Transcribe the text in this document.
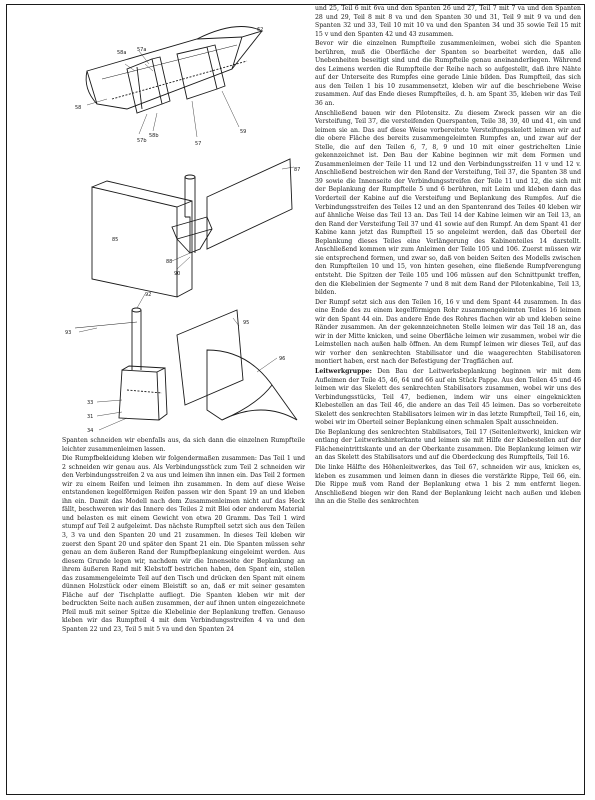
62
58a 57a
58
57b
58b
57
59
87
85
88
90
92
93
95
96
33
31
34

Spanten schneiden wir ebenfalls aus, da sich dann die einzelnen Rumpfteile leichter zusammenleimen lassen.

Die Rumpfbekleidung kleben wir folgendermaßen zusammen: Das Teil 1 und 2 schneiden wir genau aus. Als Verbindungsstück zum Teil 2 schneiden wir den Verbindungsstreifen 2 va aus und leimen ihn innen ein. Das Teil 2 formen wir zu einem Reifen und leimen ihn zusammen. In dem auf diese Weise entstandenen kegelförmigen Reifen passen wir den Spant 19 an und kleben ihn ein. Damit das Modell nach dem Zusammenleimen nicht auf das Heck fällt, beschweren wir das Innere des Teiles 2 mit Blei oder anderem Material und belasten es mit einem Gewicht von etwa 20 Gramm. Das Teil 1 wird stumpf auf Teil 2 aufgeleimt. Das nächste Rumpfteil setzt sich aus den Teilen 3, 3 va und den Spanten 20 und 21 zusammen. In dieses Teil kleben wir zuerst den Spant 20 und später den Spant 21 ein. Die Spanten müssen sehr genau an dem äußeren Rand der Rumpfbeplankung eingeleimt werden. Aus diesem Grunde legen wir, nachdem wir die Innenseite der Beplankung an ihrem äußeren Rand mit Klebstoff bestrichen haben, den Spant ein, stellen das zusammengeleimte Teil auf den Tisch und drücken den Spant mit einem dünnen Holzstück oder einem Bleistift so an, daß er mit seiner gesamten Fläche auf der Tischplatte aufliegt. Die Spanten kleben wir mit der bedruckten Seite nach außen zusammen, der auf ihnen unten eingezeichnete Pfeil muß mit seiner Spitze die Klebelinie der Beplankung treffen. Genauso kleben wir das Rumpfteil 4 mit dem Verbindungsstreifen 4 va und den Spanten 22 und 23, Teil 5 mit 5 va und den Spanten 24

und 25, Teil 6 mit 6va und den Spanten 26 und 27, Teil 7 mit 7 va und den Spanten 28 und 29, Teil 8 mit 8 va und den Spanten 30 und 31, Teil 9 mit 9 va und den Spanten 32 und 33, Teil 10 mit 10 va und den Spanten 34 und 35 sowie Teil 15 mit 15 v und den Spanten 42 und 43 zusammen.

Bevor wir die einzelnen Rumpfteile zusammenleimen, wobei sich die Spanten berühren, muß die Oberfläche der Spanten so bearbeitet werden, daß alle Unebenheiten beseitigt sind und die Rumpfteile genau aneinanderliegen. Während des Leimens werden die Rumpfteile der Reihe nach so aufgestellt, daß ihre Nähte auf der Unterseite des Rumpfes eine gerade Linie bilden. Das Rumpfteil, das sich aus den Teilen 1 bis 10 zusammensetzt, kleben wir auf die beschriebene Weise zusammen. Auf das Ende dieses Rumpfteiles, d. h. am Spant 35, kleben wir das Teil 36 an.

Anschließend bauen wir den Pilotensitz. Zu diesem Zweck passen wir an die Versteifung, Teil 37, die versteifenden Querspanten, Teile 38, 39, 40 und 41, ein und leimen sie an. Das auf diese Weise vorbereitete Versteifungsskelett leimen wir auf die obere Fläche des bereits zusammengeleimten Rumpfes an, und zwar auf der Stelle, die auf den Teilen 6, 7, 8, 9 und 10 mit einer gestrichelten Linie gekennzeichnet ist. Den Bau der Kabine beginnen wir mit dem Formen und Zusammenleimen der Teile 11 und 12 und den Verbindungsstreifen 11 v und 12 v. Anschließend bestreichen wir den Rand der Versteifung, Teil 37, die Spanten 38 und 39 sowie die Innenseite der Verbindungsstreifen der Teile 11 und 12, die sich mit der Beplankung der Rumpfteile 5 und 6 berühren, mit Leim und kleben dann das Vorderteil der Kabine auf die Versteifung und Beplankung des Rumpfes. Auf die Verbindungsstreifen des Teiles 12 und an den Spantenrand des Teiles 40 kleben wir auf ähnliche Weise das Teil 13 an. Das Teil 14 der Kabine leimen wir an Teil 13, an den Rand der Versteifung Teil 37 und 41 sowie auf den Rumpf. An dem Spant 41 der Kabine kann jetzt das Rumpfteil 15 so angeleimt werden, daß das Oberteil der Beplankung dieses Teiles eine Verlängerung des Kabinenteiles 14 darstellt. Anschließend kommen wir zum Anleimen der Teile 105 und 106. Zuerst müssen wir sie entsprechend formen, und zwar so, daß von beiden Seiten des Modells zwischen den Rumpfteilen 10 und 15, von hinten gesehen, eine fließende Rumpfverengung entsteht. Die Spitzen der Teile 105 und 106 müssen auf den Schnittpunkt treffen, den die Klebelinien der Segmente 7 und 8 mit dem Rand der Pilotenkabine, Teil 13, bilden.

Der Rumpf setzt sich aus den Teilen 16, 16 v und dem Spant 44 zusammen. In das eine Ende des zu einem kegelförmigen Rohr zusammengeleimten Teiles 16 leimen wir den Spant 44 ein. Das andere Ende des Rohres flachen wir ab und kleben seine Ränder zusammen. An der gekennzeichneten Stelle leimen wir das Teil 18 an, das wir in der Mitte knicken, und seine Oberfläche leimen wir zusammen, wobei wir die Leimstellen nach außen halb öffnen. An dem Rumpf leimen wir dieses Teil, auf das wir vorher den senkrechten Stabilisator und die waagerechten Stabilisatoren montiert haben, erst nach der Befestigung der Tragflächen auf.

Leitwerkgruppe: Den Bau der Leitwerksbeplankung beginnen wir mit dem Aufleimen der Teile 45, 46, 64 und 66 auf ein Stück Pappe. Aus den Teilen 45 und 46 leimen wir das Skelett des senkrechten Stabilisators zusammen, wobei wir uns des Verbindungsstücks, Teil 47, bedienen, indem wir uns einer eingeknickten Klebestellen an das Teil 46, die andere an das Teil 45 leimen. Das so vorbereitete Skelett des senkrechten Stabilisators leimen wir in das letzte Rumpfteil, Teil 16, ein, wobei wir im Oberteil seiner Beplankung einen schmalen Spalt ausschneiden.

Die Beplankung des senkrechten Stabilisators, Teil 17 (Seitenleitwerk), knicken wir entlang der Leitwerkshinterkante und leimen sie mit Hilfe der Klebestellen auf der Flächeneintrittskante und an der Oberkante zusammen. Die Beplankung leimen wir an das Skelett des Stabilisators und auf die Oberdeckung des Rumpfteils, Teil 16.

Die linke Hälfte des Höhenleitwerkes, das Teil 67, schneiden wir aus, knicken es, kleben es zusammen und leimen dann in dieses die verstärkte Rippe, Teil 66, ein. Die Rippe muß vom Rand der Beplankung etwa 1 bis 2 mm entfernt liegen. Anschließend biegen wir den Rand der Beplankung leicht nach außen und kleben ihn an die Stelle des senkrechten
